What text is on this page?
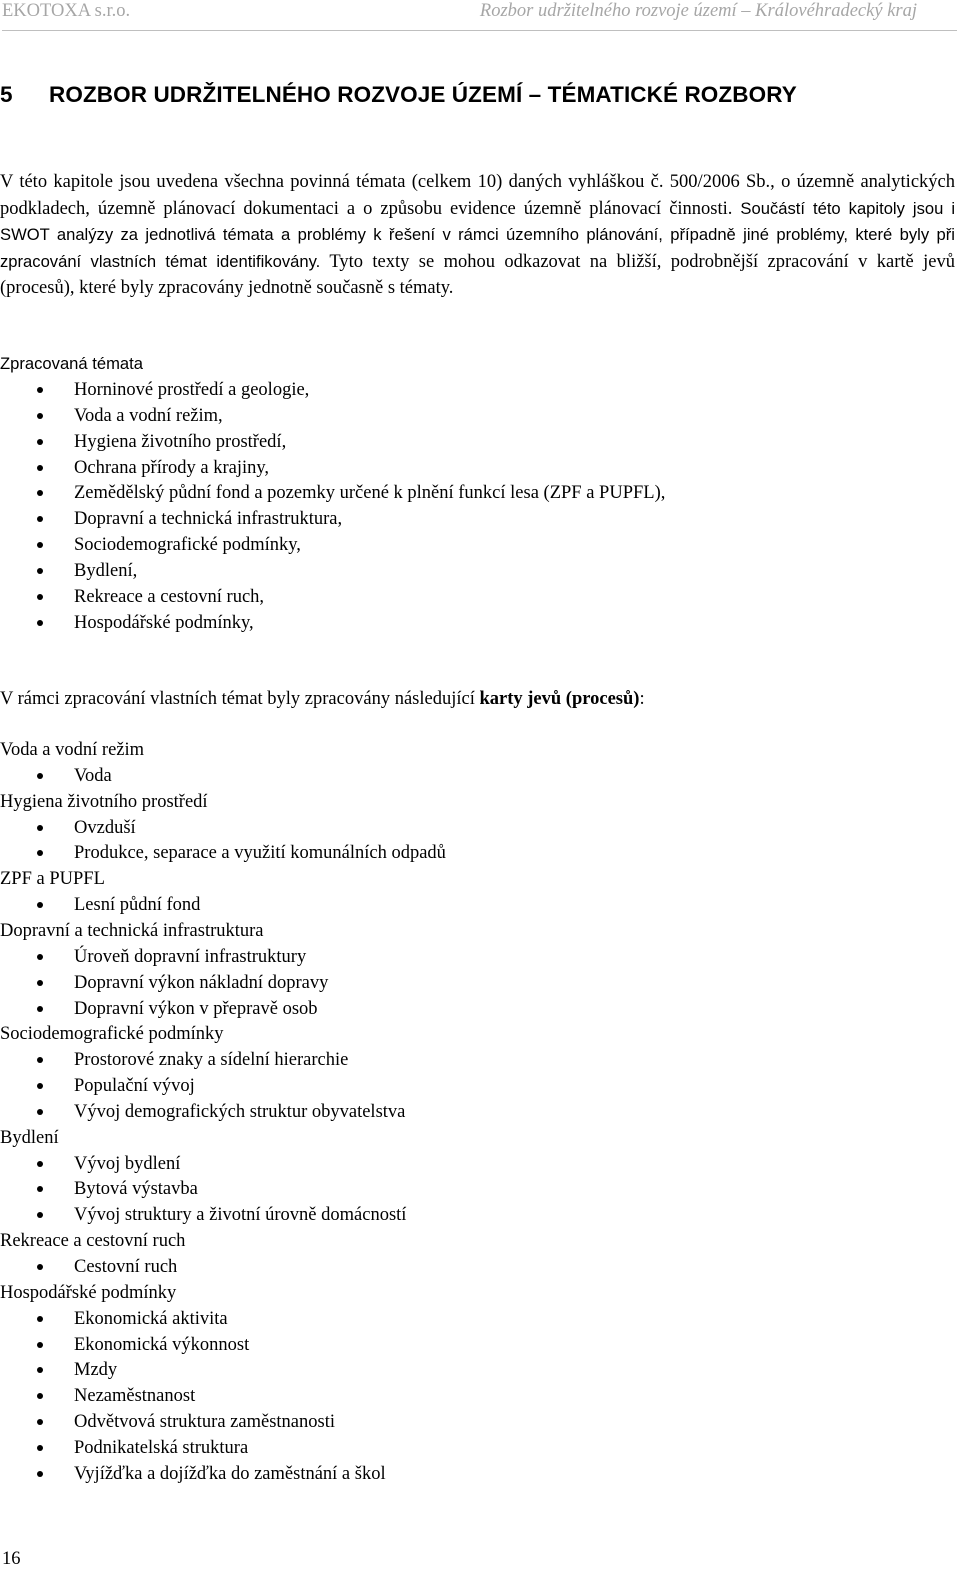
EKOTOXA s.r.o.	Rozbor udržitelného rozvoje území – Královéhradecký kraj
5 ROZBOR UDRŽITELNÉHO ROZVOJE ÚZEMÍ – TÉMATICKÉ ROZBORY

V této kapitole jsou uvedena všechna povinná témata (celkem 10) daných vyhláškou č. 500/2006 Sb., o územně analytických podkladech, územně plánovací dokumentaci a o způsobu evidence územně plánovací činnosti. Součástí této kapitoly jsou i SWOT analýzy za jednotlivá témata a problémy k řešení v rámci územního plánování, případně jiné problémy, které byly při zpracování vlastních témat identifikovány. Tyto texty se mohou odkazovat na bližší, podrobnější zpracování v kartě jevů (procesů), které byly zpracovány jednotně současně s tématy.

Zpracovaná témata
Horninové prostředí a geologie,
Voda a vodní režim,
Hygiena životního prostředí,
Ochrana přírody a krajiny,
Zemědělský půdní fond a pozemky určené k plnění funkcí lesa (ZPF a PUPFL),
Dopravní a technická infrastruktura,
Sociodemografické podmínky,
Bydlení,
Rekreace a cestovní ruch,
Hospodářské podmínky,
V rámci zpracování vlastních témat byly zpracovány následující karty jevů (procesů):
Voda a vodní režim
Voda
Hygiena životního prostředí
Ovzduší
Produkce, separace a využití komunálních odpadů
ZPF a PUPFL
Lesní půdní fond
Dopravní a technická infrastruktura
Úroveň dopravní infrastruktury
Dopravní výkon nákladní dopravy
Dopravní výkon v přepravě osob
Sociodemografické podmínky
Prostorové znaky a sídelní hierarchie
Populační vývoj
Vývoj demografických struktur obyvatelstva
Bydlení
Vývoj bydlení
Bytová výstavba
Vývoj struktury a životní úrovně domácností
Rekreace a cestovní ruch
Cestovní ruch
Hospodářské podmínky
Ekonomická aktivita
Ekonomická výkonnost
Mzdy
Nezaměstnanost
Odvětvová struktura zaměstnanosti
Podnikatelská struktura
Vyjížďka a dojížďka do zaměstnání a škol
16
